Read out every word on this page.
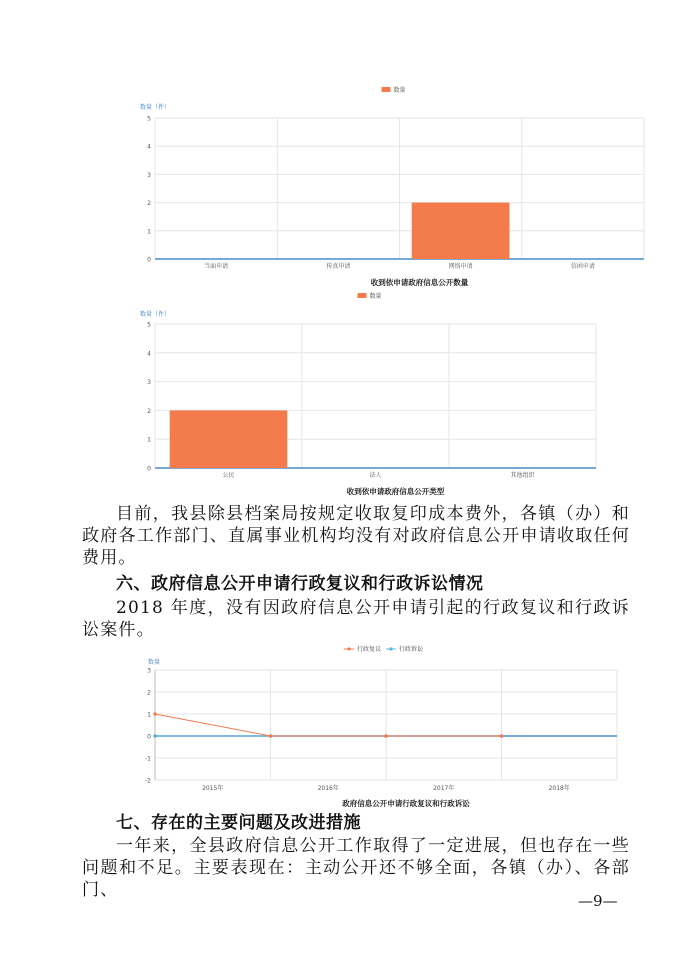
0
1
2
3
4
5
数量（件）
当面申请	传真申请	网络申请	信函申请
数量
收到依申请政府信息公开数量
0
1
2
3
4
5
数量（件）
公民	法人	其他组织
数量
收到依申请政府信息公开类型
-2
-1
0
1
2
3
数量
2015年	2016年	2017年	2018年
行政复议	行政诉讼
政府信息公开申请行政复议和行政诉讼

目前，我县除县档案局按规定收取复印成本费外，各镇（办）和政府各工作部门、直属事业机构均没有对政府信息公开申请收取任何费用。

六、政府信息公开申请行政复议和行政诉讼情况

2018 年度，没有因政府信息公开申请引起的行政复议和行政诉讼案件。

七、存在的主要问题及改进措施

一年来，全县政府信息公开工作取得了一定进展，但也存在一些问题和不足。主要表现在：主动公开还不够全面，各镇（办）、各部门、

—9—
